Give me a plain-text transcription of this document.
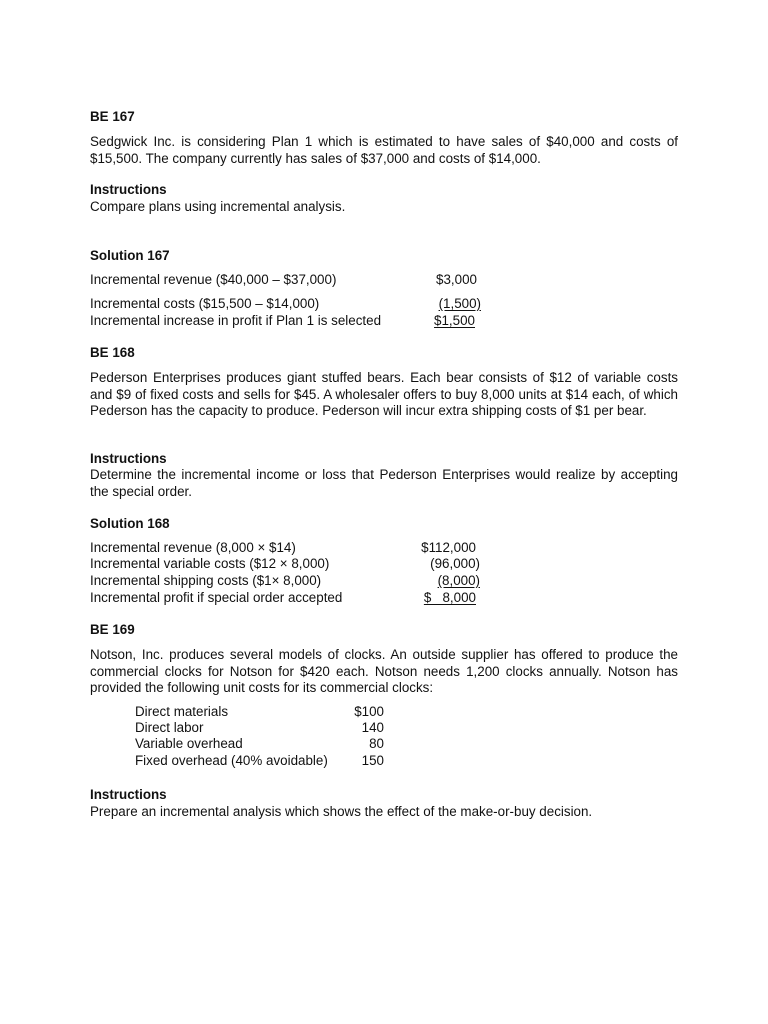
BE 167
Sedgwick Inc. is considering Plan 1 which is estimated to have sales of $40,000 and costs of $15,500. The company currently has sales of $37,000 and costs of $14,000.
Instructions
Compare plans using incremental analysis.
Solution 167
Incremental revenue ($40,000 – $37,000)	$3,000
Incremental costs ($15,500 – $14,000)	(1,500)
Incremental increase in profit if Plan 1 is selected	$1,500
BE 168
Pederson Enterprises produces giant stuffed bears. Each bear consists of $12 of variable costs and $9 of fixed costs and sells for $45. A wholesaler offers to buy 8,000 units at $14 each, of which Pederson has the capacity to produce. Pederson will incur extra shipping costs of $1 per bear.
Instructions
Determine the incremental income or loss that Pederson Enterprises would realize by accepting the special order.
Solution 168
Incremental revenue (8,000 × $14)	$112,000
Incremental variable costs ($12 × 8,000)	(96,000)
Incremental shipping costs ($1× 8,000)	(8,000)
Incremental profit if special order accepted	$   8,000
BE 169
Notson, Inc. produces several models of clocks. An outside supplier has offered to produce the commercial clocks for Notson for $420 each. Notson needs 1,200 clocks annually. Notson has provided the following unit costs for its commercial clocks:
Direct materials	$100
Direct labor	140
Variable overhead	80
Fixed overhead (40% avoidable)	150
Instructions
Prepare an incremental analysis which shows the effect of the make-or-buy decision.
